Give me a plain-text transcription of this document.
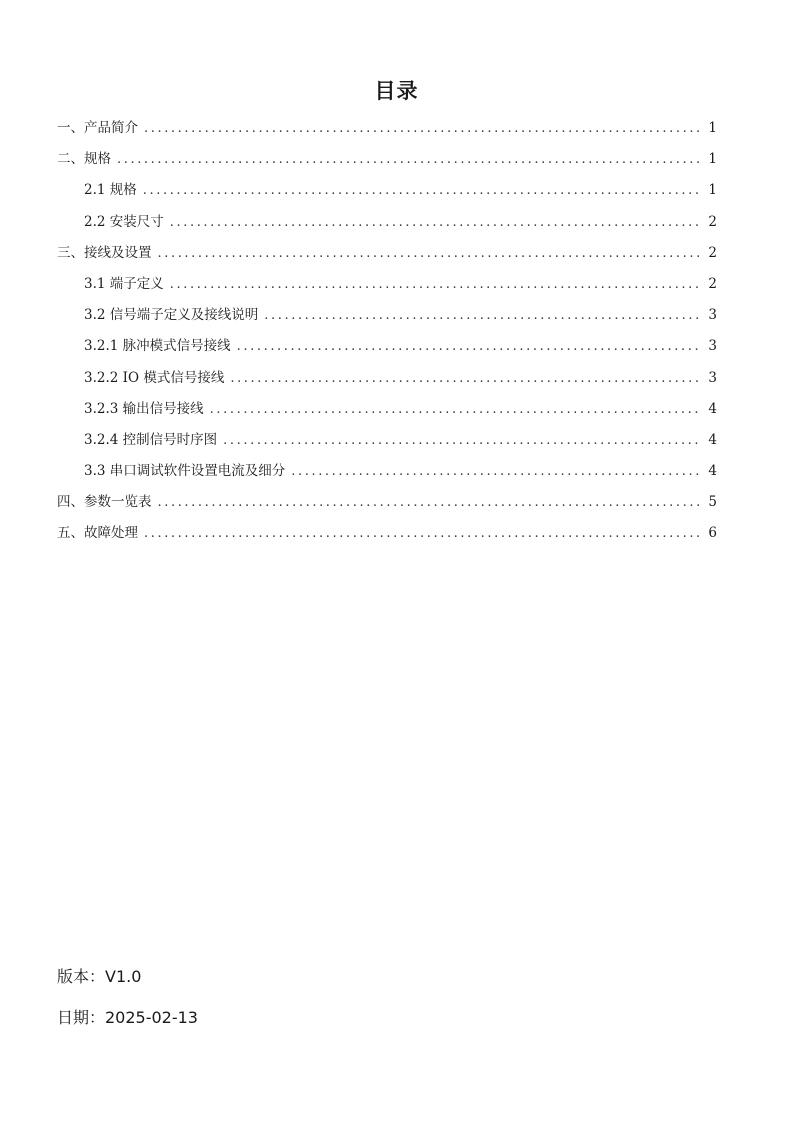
目录
一、产品简介 .....	1
二、规格 .....	1
2.1 规格 .....	1
2.2 安装尺寸 .....	2
三、接线及设置 .....	2
3.1 端子定义 .....	2
3.2 信号端子定义及接线说明 .....	3
3.2.1 脉冲模式信号接线 .....	3
3.2.2 IO 模式信号接线 .....	3
3.2.3 输出信号接线 .....	4
3.2.4 控制信号时序图 .....	4
3.3 串口调试软件设置电流及细分 .....	4
四、参数一览表 .....	5
五、故障处理 .....	6
版本：V1.0
日期：2025-02-13
